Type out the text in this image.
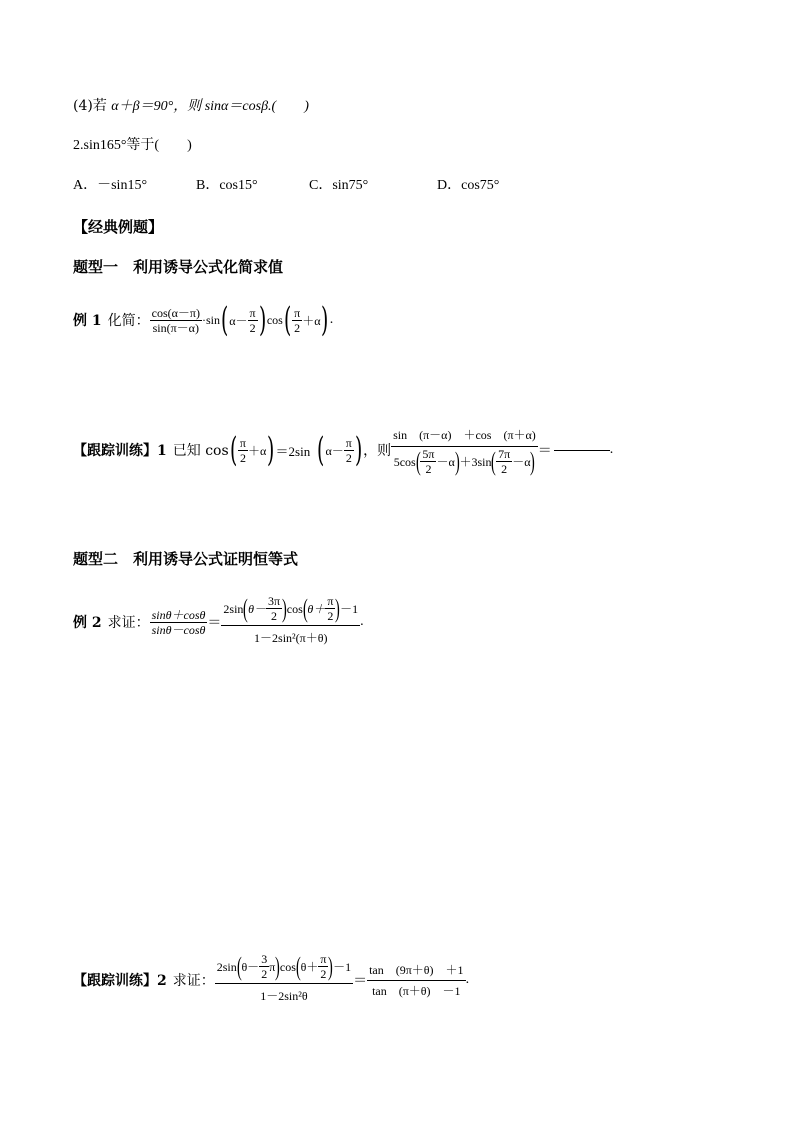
(4)若 α＋β＝90°，则 sinα＝cosβ.(　　)
2.sin165°等于(　　)
A．－sin15°	B．cos15°	C．sin75°	D．cos75°
【经典例题】
题型一　利用诱导公式化简求值
例 1 化简： $\frac{\cos(\alpha-\pi)}{\sin(\pi-\alpha)} \cdot\sin$ ( $\alpha- \frac{\pi}{2}$ ) cos ( $\frac{\pi}{2} +\alpha$ ) .
【跟踪训练】1 已知 cos ( $\frac{\pi}{2} +\alpha$ ) ＝2sin ( $\alpha- \frac{\pi}{2}$ ) ，则
sin　(π－α)　＋cos　(π＋α)
5cos ( $\frac{5\pi}{2} -\alpha$ ) ＋3sin ( $\frac{7\pi}{2} -\alpha$ ) ＝	.
题型二　利用诱导公式证明恒等式
例 2 求证： $\frac{\sin\theta+\cos\theta}{\sin\theta-\cos\theta}$ ＝
2sin ( $\theta- \frac{3\pi}{2}$ ) cos ( $\theta+ \frac{\pi}{2}$ ) －1
1－2sin²(π＋θ)
.
【跟踪训练】2 求证：
2sin ( $\theta- \frac{3}{2}$ π ) cos ( $\theta+ \frac{\pi}{2}$ ) －1
1－2sin²θ
＝ $\frac{\tan (9\pi+\theta) +1}{\tan (\pi+\theta) -1}$ .
